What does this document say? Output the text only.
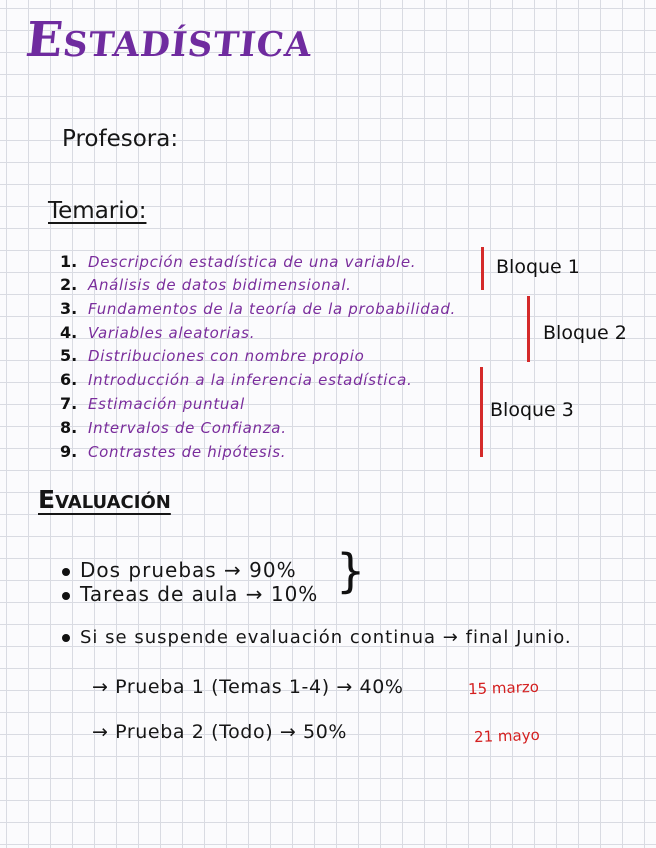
Estadística
Profesora:
Temario:
1. Descripción estadística de una variable.
2. Análisis de datos bidimensional.
3. Fundamentos de la teoría de la probabilidad.
4. Variables aleatorias.
5. Distribuciones con nombre propio
6. Introducción a la inferencia estadística.
7. Estimación puntual
8. Intervalos de Confianza.
9. Contrastes de hipótesis.
Bloque 1
Bloque 2
Bloque 3
Evaluación
Dos pruebas → 90%
Tareas de aula → 10% }
Si se suspende evaluación continua → final Junio.
→ Prueba 1 (Temas 1-4) → 40%	15 marzo
→ Prueba 2 (Todo) → 50%	21 mayo
